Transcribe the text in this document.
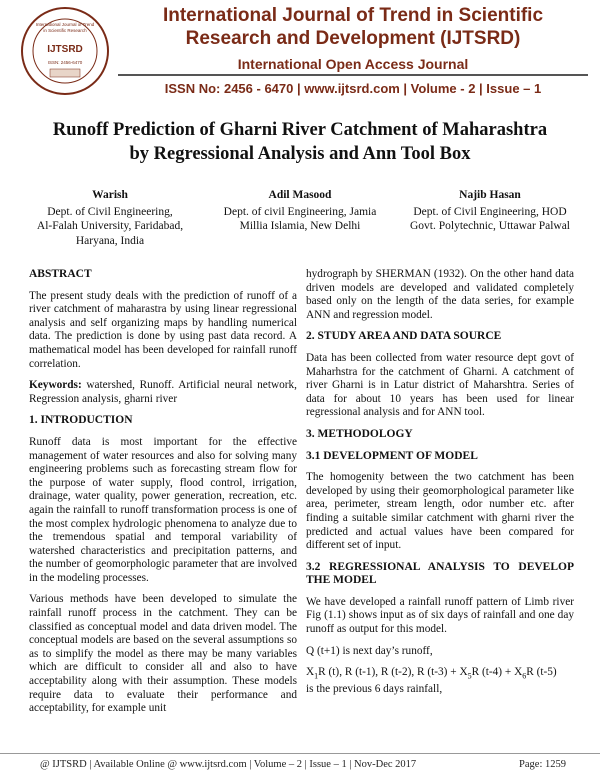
International Journal of Trend
in Scientific Research
IJTSRD
ISSN: 2456-6470
International Journal of Trend in Scientific
Research and Development (IJTSRD)
International Open Access Journal
ISSN No: 2456 - 6470 | www.ijtsrd.com | Volume - 2 | Issue – 1
Runoff Prediction of Gharni River Catchment of Maharashtra
by Regressional Analysis and Ann Tool Box
Warish
Dept. of Civil Engineering,
Al-Falah University, Faridabad,
Haryana, India
Adil Masood
Dept. of civil Engineering, Jamia
Millia Islamia, New Delhi
Najib Hasan
Dept. of Civil Engineering, HOD
Govt. Polytechnic, Uttawar Palwal
ABSTRACT

The present study deals with the prediction of runoff of a river catchment of maharastra by using linear regressional analysis and self organizing maps by handling numerical data. The prediction is done by using past data record. A mathematical model has been developed for rainfall runoff correlation.

Keywords: watershed, Runoff. Artificial neural network, Regression analysis, gharni river

1. INTRODUCTION

Runoff data is most important for the effective management of water resources and also for solving many engineering problems such as forecasting stream flow for the purpose of water supply, flood control, irrigation, drainage, water quality, power generation, recreation, etc. again the rainfall to runoff transformation process is one of the most complex hydrologic phenomena to analyze due to the tremendous spatial and temporal variability of watershed characteristics and precipitation patterns, and the number of geomorphologic parameter that are involved in the modeling processes.

Various methods have been developed to simulate the rainfall runoff process in the catchment. They can be classified as conceptual model and data driven model. The conceptual models are based on the several assumptions so as to simplify the model as there may be many variables which are difficult to consider all and also to have acceptability along with their assumption. These models require data to evaluate their performance and acceptability, for example unit

hydrograph by SHERMAN (1932). On the other hand data driven models are developed and validated completely based only on the length of the data series, for example ANN and regression model.

2. STUDY AREA AND DATA SOURCE

Data has been collected from water resource dept govt of Maharhstra for the catchment of Gharni. A catchment of river Gharni is in Latur district of Maharshtra. Series of data for about 10 years has been used for linear regressional analysis and for ANN tool.

3. METHODOLOGY
3.1 DEVELOPMENT OF MODEL

The homogenity between the two catchment has been developed by using their geomorphological parameter like area, perimeter, stream length, odor number etc. after finding a suitable similar catchment with gharni river the predicted and actual values have been compared for different set of input.

3.2 REGRESSIONAL ANALYSIS TO DEVELOP THE MODEL

We have developed a rainfall runoff pattern of Limb river Fig (1.1) shows input as of six days of rainfall and one day runoff as output for this model.

Q (t+1) is next day’s runoff,

$X_1R$ (t), R (t-1), R (t-2), R $(t-3) + X_5R$ $(t-4) + X_6R$ (t-5)

is the previous 6 days rainfall,

@ IJTSRD | Available Online @ www.ijtsrd.com | Volume – 2 | Issue – 1 | Nov-Dec 2017	Page: 1259
